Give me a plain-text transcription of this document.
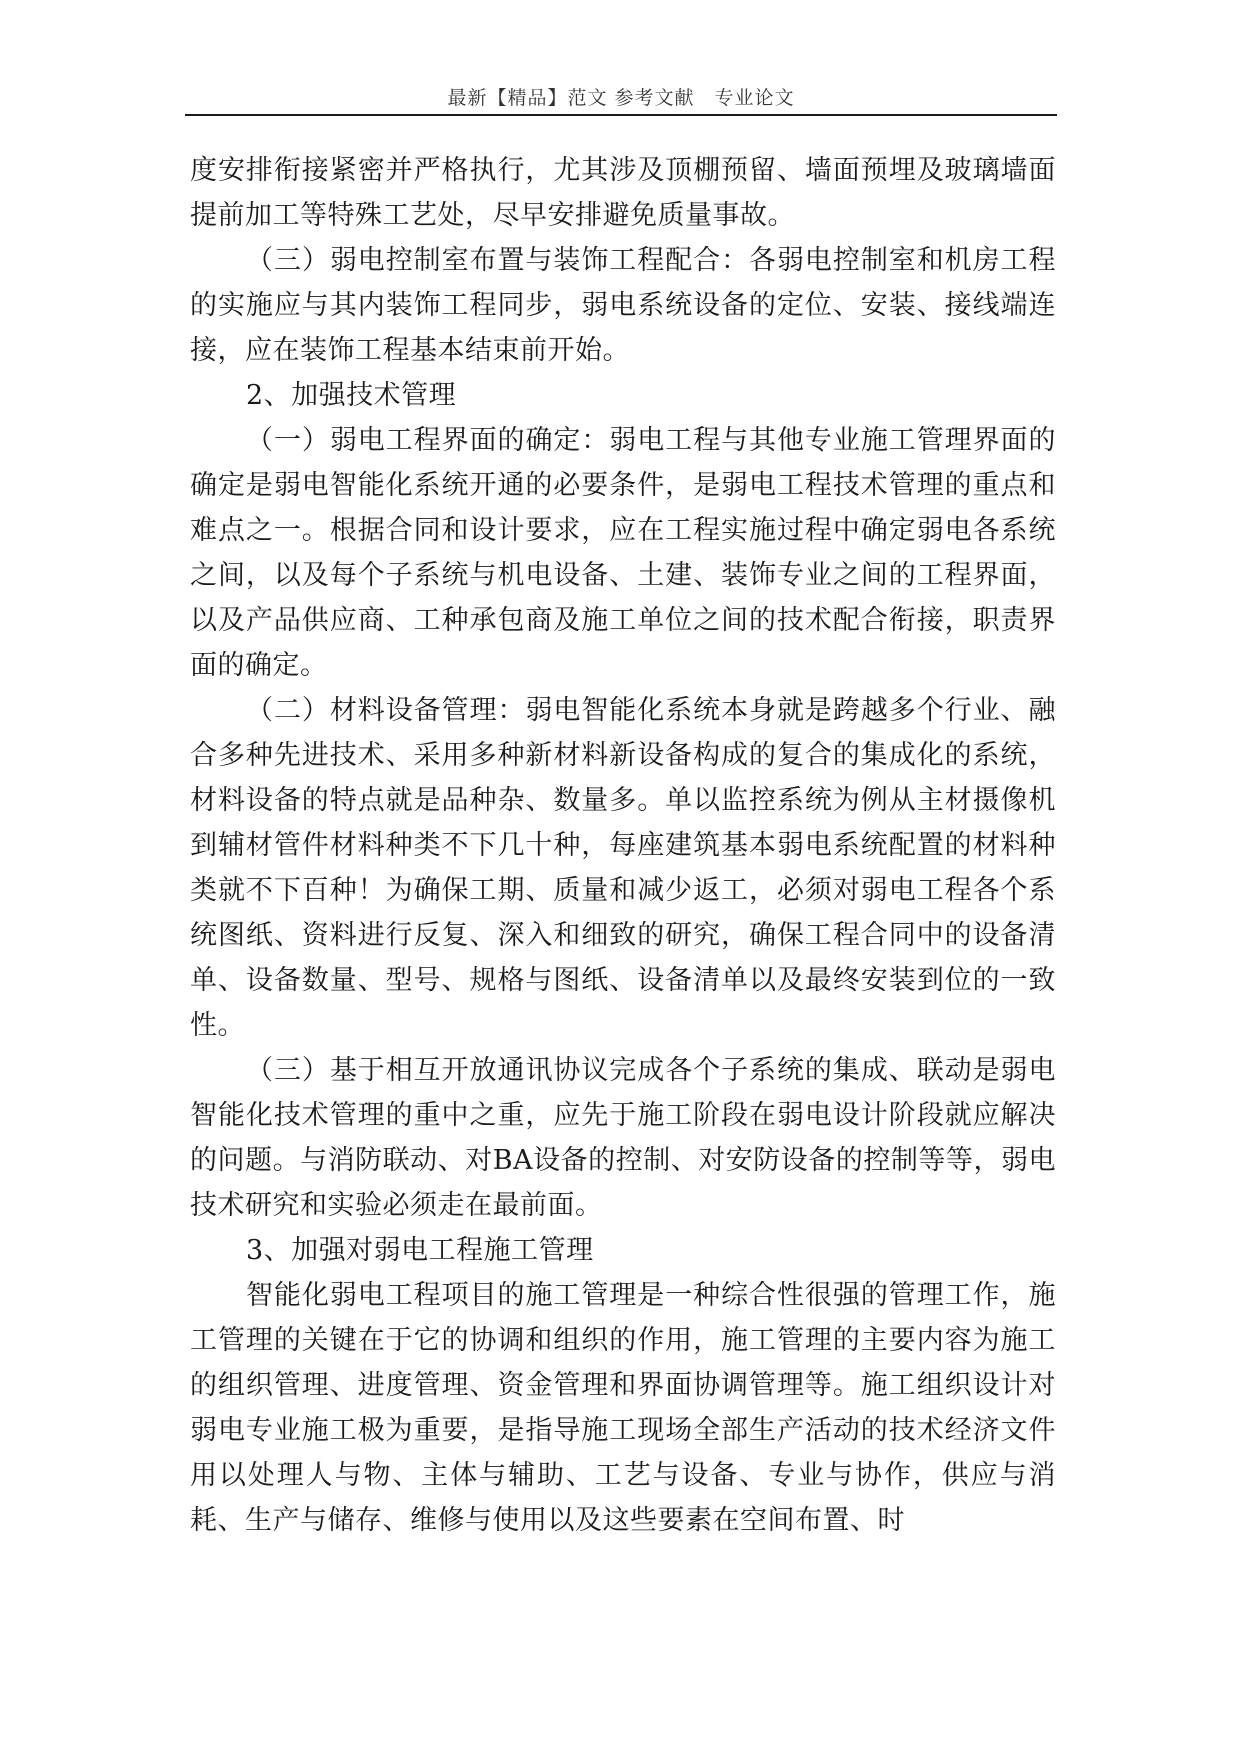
最新【精品】范文 参考文献　专业论文

度安排衔接紧密并严格执行，尤其涉及顶棚预留、墙面预埋及玻璃墙面提前加工等特殊工艺处，尽早安排避免质量事故。

（三）弱电控制室布置与装饰工程配合：各弱电控制室和机房工程的实施应与其内装饰工程同步，弱电系统设备的定位、安装、接线端连接，应在装饰工程基本结束前开始。

2、加强技术管理

（一）弱电工程界面的确定：弱电工程与其他专业施工管理界面的确定是弱电智能化系统开通的必要条件，是弱电工程技术管理的重点和难点之一。根据合同和设计要求，应在工程实施过程中确定弱电各系统之间，以及每个子系统与机电设备、土建、装饰专业之间的工程界面，以及产品供应商、工种承包商及施工单位之间的技术配合衔接，职责界面的确定。

（二）材料设备管理：弱电智能化系统本身就是跨越多个行业、融合多种先进技术、采用多种新材料新设备构成的复合的集成化的系统，材料设备的特点就是品种杂、数量多。单以监控系统为例从主材摄像机到辅材管件材料种类不下几十种，每座建筑基本弱电系统配置的材料种类就不下百种！为确保工期、质量和减少返工，必须对弱电工程各个系统图纸、资料进行反复、深入和细致的研究，确保工程合同中的设备清单、设备数量、型号、规格与图纸、设备清单以及最终安装到位的一致性。

（三）基于相互开放通讯协议完成各个子系统的集成、联动是弱电智能化技术管理的重中之重，应先于施工阶段在弱电设计阶段就应解决的问题。与消防联动、对BA设备的控制、对安防设备的控制等等，弱电技术研究和实验必须走在最前面。

3、加强对弱电工程施工管理

智能化弱电工程项目的施工管理是一种综合性很强的管理工作，施工管理的关键在于它的协调和组织的作用，施工管理的主要内容为施工的组织管理、进度管理、资金管理和界面协调管理等。施工组织设计对弱电专业施工极为重要，是指导施工现场全部生产活动的技术经济文件用以处理人与物、主体与辅助、工艺与设备、专业与协作，供应与消耗、生产与储存、维修与使用以及这些要素在空间布置、时
